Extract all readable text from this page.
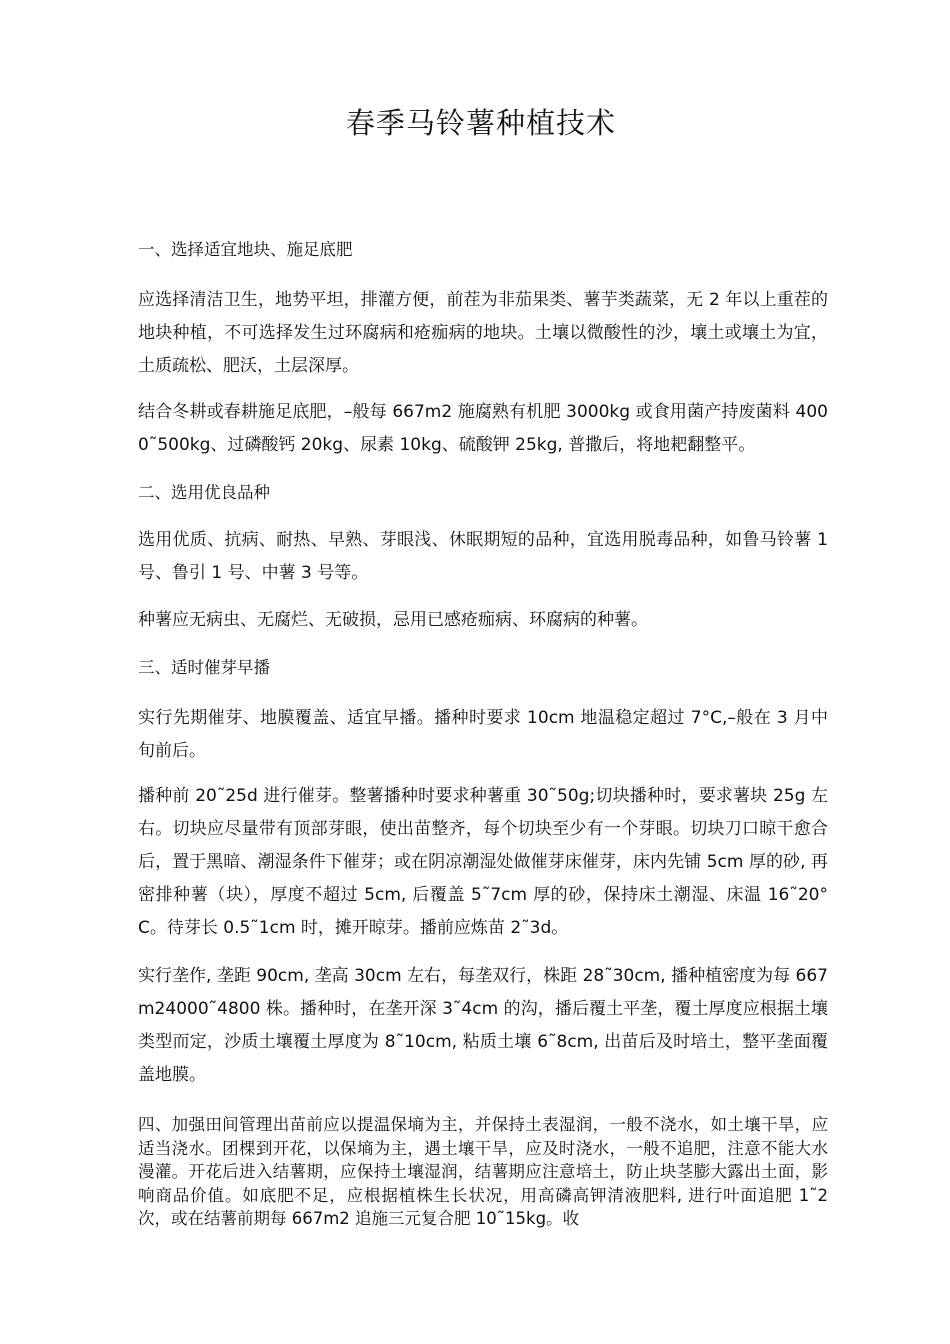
春季马铃薯种植技术
一、选择适宜地块、施足底肥
应选择清洁卫生，地势平坦，排灌方便，前茬为非茄果类、薯芋类蔬菜，无 2 年以上重茬的地块种植，不可选择发生过环腐病和疮痂病的地块。土壤以微酸性的沙，壤土或壤土为宜，土质疏松、肥沃，土层深厚。
结合冬耕或春耕施足底肥，–般每 667m2 施腐熟有机肥 3000kg 或食用菌产持废菌料 4000˜500kg、过磷酸钙 20kg、尿素 10kg、硫酸钾 25kg, 普撒后，将地耙翻整平。
二、选用优良品种
选用优质、抗病、耐热、早熟、芽眼浅、休眠期短的品种，宜选用脱毒品种，如鲁马铃薯 1 号、鲁引 1 号、中薯 3 号等。
种薯应无病虫、无腐烂、无破损，忌用已感疮痂病、环腐病的种薯。
三、适时催芽早播
实行先期催芽、地膜覆盖、适宜早播。播种时要求 10cm 地温稳定超过 7°C,–般在 3 月中旬前后。
播种前 20˜25d 进行催芽。整薯播种时要求种薯重 30˜50g;切块播种时，要求薯块 25g 左右。切块应尽量带有顶部芽眼，使出苗整齐，每个切块至少有一个芽眼。切块刀口晾干愈合后，置于黑暗、潮湿条件下催芽；或在阴凉潮湿处做催芽床催芽，床内先铺 5cm 厚的砂, 再密排种薯（块），厚度不超过 5cm, 后覆盖 5˜7cm 厚的砂，保持床土潮湿、床温 16˜20°C。待芽长 0.5˜1cm 时，摊开晾芽。播前应炼苗 2˜3d。
实行垄作, 垄距 90cm, 垄高 30cm 左右，每垄双行，株距 28˜30cm, 播种植密度为每 667m24000˜4800 株。播种时，在垄开深 3˜4cm 的沟，播后覆土平垄，覆土厚度应根据土壤类型而定，沙质土壤覆土厚度为 8˜10cm, 粘质土壤 6˜8cm, 出苗后及时培土，整平垄面覆盖地膜。
四、加强田间管理出苗前应以提温保墒为主，并保持土表湿润，一般不浇水，如土壤干旱，应适当浇水。团棵到开花，以保墒为主，遇土壤干旱，应及时浇水，一般不追肥，注意不能大水漫灌。开花后进入结薯期，应保持土壤湿润，结薯期应注意培土，防止块茎膨大露出土面，影响商品价值。如底肥不足，应根据植株生长状况，用高磷高钾清液肥料, 进行叶面追肥 1˜2 次，或在结薯前期每 667m2 追施三元复合肥 10˜15kg。收
